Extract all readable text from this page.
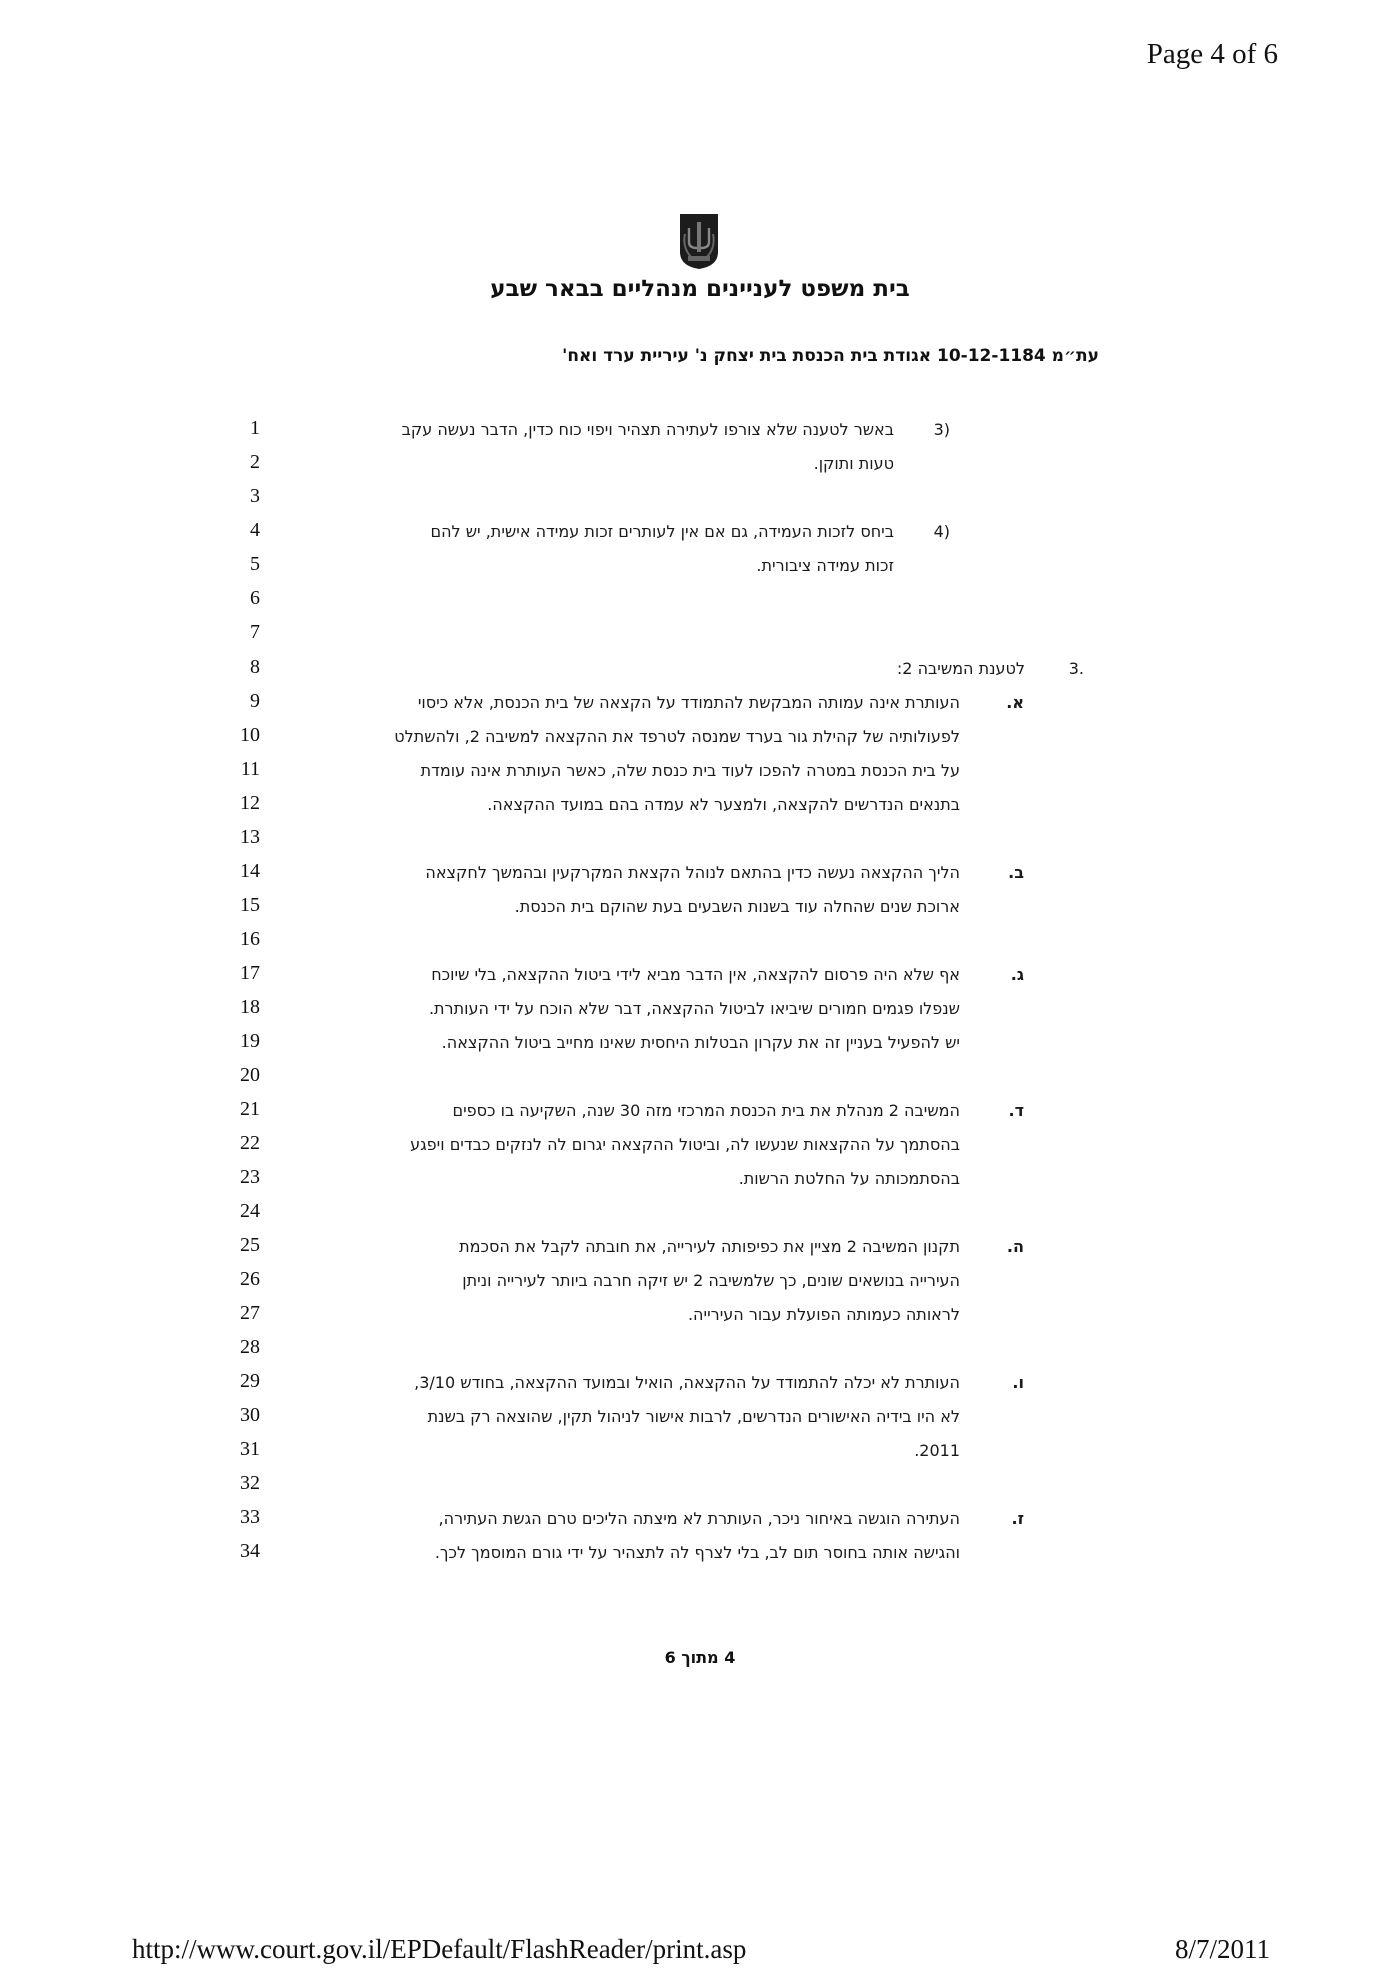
Page 4 of 6
בית משפט לעניינים מנהליים בבאר שבע
עת״מ 10-12-1184 אגודת בית הכנסת בית יצחק נ' עיריית ערד ואח'
1
2
3
4
5
6
7
8
9
10
11
12
13
14
15
16
17
18
19
20
21
22
23
24
25
26
27
28
29
30
31
32
33
34
(3
באשר לטענה שלא צורפו לעתירה תצהיר ויפוי כוח כדין, הדבר נעשה עקב
טעות ותוקן.
(4
ביחס לזכות העמידה, גם אם אין לעותרים זכות עמידה אישית, יש להם
זכות עמידה ציבורית.
.3
לטענת המשיבה 2:
א.
העותרת אינה עמותה המבקשת להתמודד על הקצאה של בית הכנסת, אלא כיסוי
לפעולותיה של קהילת גור בערד שמנסה לטרפד את ההקצאה למשיבה 2, ולהשתלט
על בית הכנסת במטרה להפכו לעוד בית כנסת שלה, כאשר העותרת אינה עומדת
בתנאים הנדרשים להקצאה, ולמצער לא עמדה בהם במועד ההקצאה.
ב.
הליך ההקצאה נעשה כדין בהתאם לנוהל הקצאת המקרקעין ובהמשך לחקצאה
ארוכת שנים שהחלה עוד בשנות השבעים בעת שהוקם בית הכנסת.
ג.
אף שלא היה פרסום להקצאה, אין הדבר מביא לידי ביטול ההקצאה, בלי שיוכח
שנפלו פגמים חמורים שיביאו לביטול ההקצאה, דבר שלא הוכח על ידי העותרת.
יש להפעיל בעניין זה את עקרון הבטלות היחסית שאינו מחייב ביטול ההקצאה.
ד.
המשיבה 2 מנהלת את בית הכנסת המרכזי מזה 30 שנה, השקיעה בו כספים
בהסתמך על ההקצאות שנעשו לה, וביטול ההקצאה יגרום לה לנזקים כבדים ויפגע
בהסתמכותה על החלטת הרשות.
ה.
תקנון המשיבה 2 מציין את כפיפותה לעירייה, את חובתה לקבל את הסכמת
העירייה בנושאים שונים, כך שלמשיבה 2 יש זיקה חרבה ביותר לעירייה וניתן
לראותה כעמותה הפועלת עבור העירייה.
ו.
העותרת לא יכלה להתמודד על ההקצאה, הואיל ובמועד ההקצאה, בחודש 3/10,
לא היו בידיה האישורים הנדרשים, לרבות אישור לניהול תקין, שהוצאה רק בשנת
2011.
ז.
העתירה הוגשה באיחור ניכר, העותרת לא מיצתה הליכים טרם הגשת העתירה,
והגישה אותה בחוסר תום לב, בלי לצרף לה לתצהיר על ידי גורם המוסמך לכך.
4 מתוך 6
http://www.court.gov.il/EPDefault/FlashReader/print.asp	8/7/2011
